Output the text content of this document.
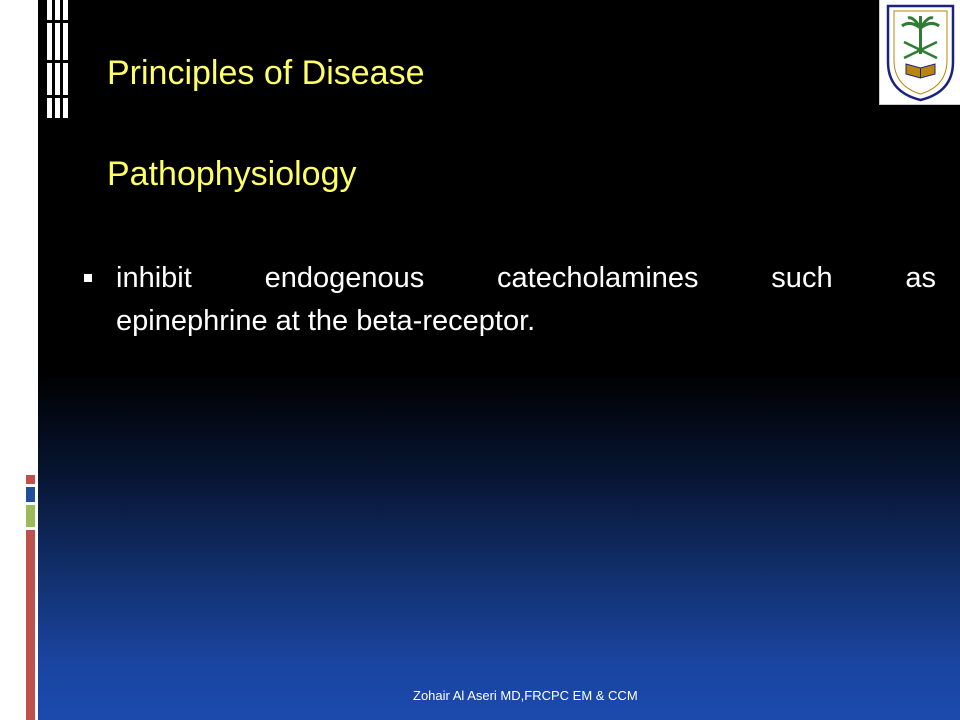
Principles of Disease
Pathophysiology
inhibit endogenous catecholamines such as
epinephrine at the beta-receptor.
Zohair Al Aseri MD,FRCPC EM & CCM
